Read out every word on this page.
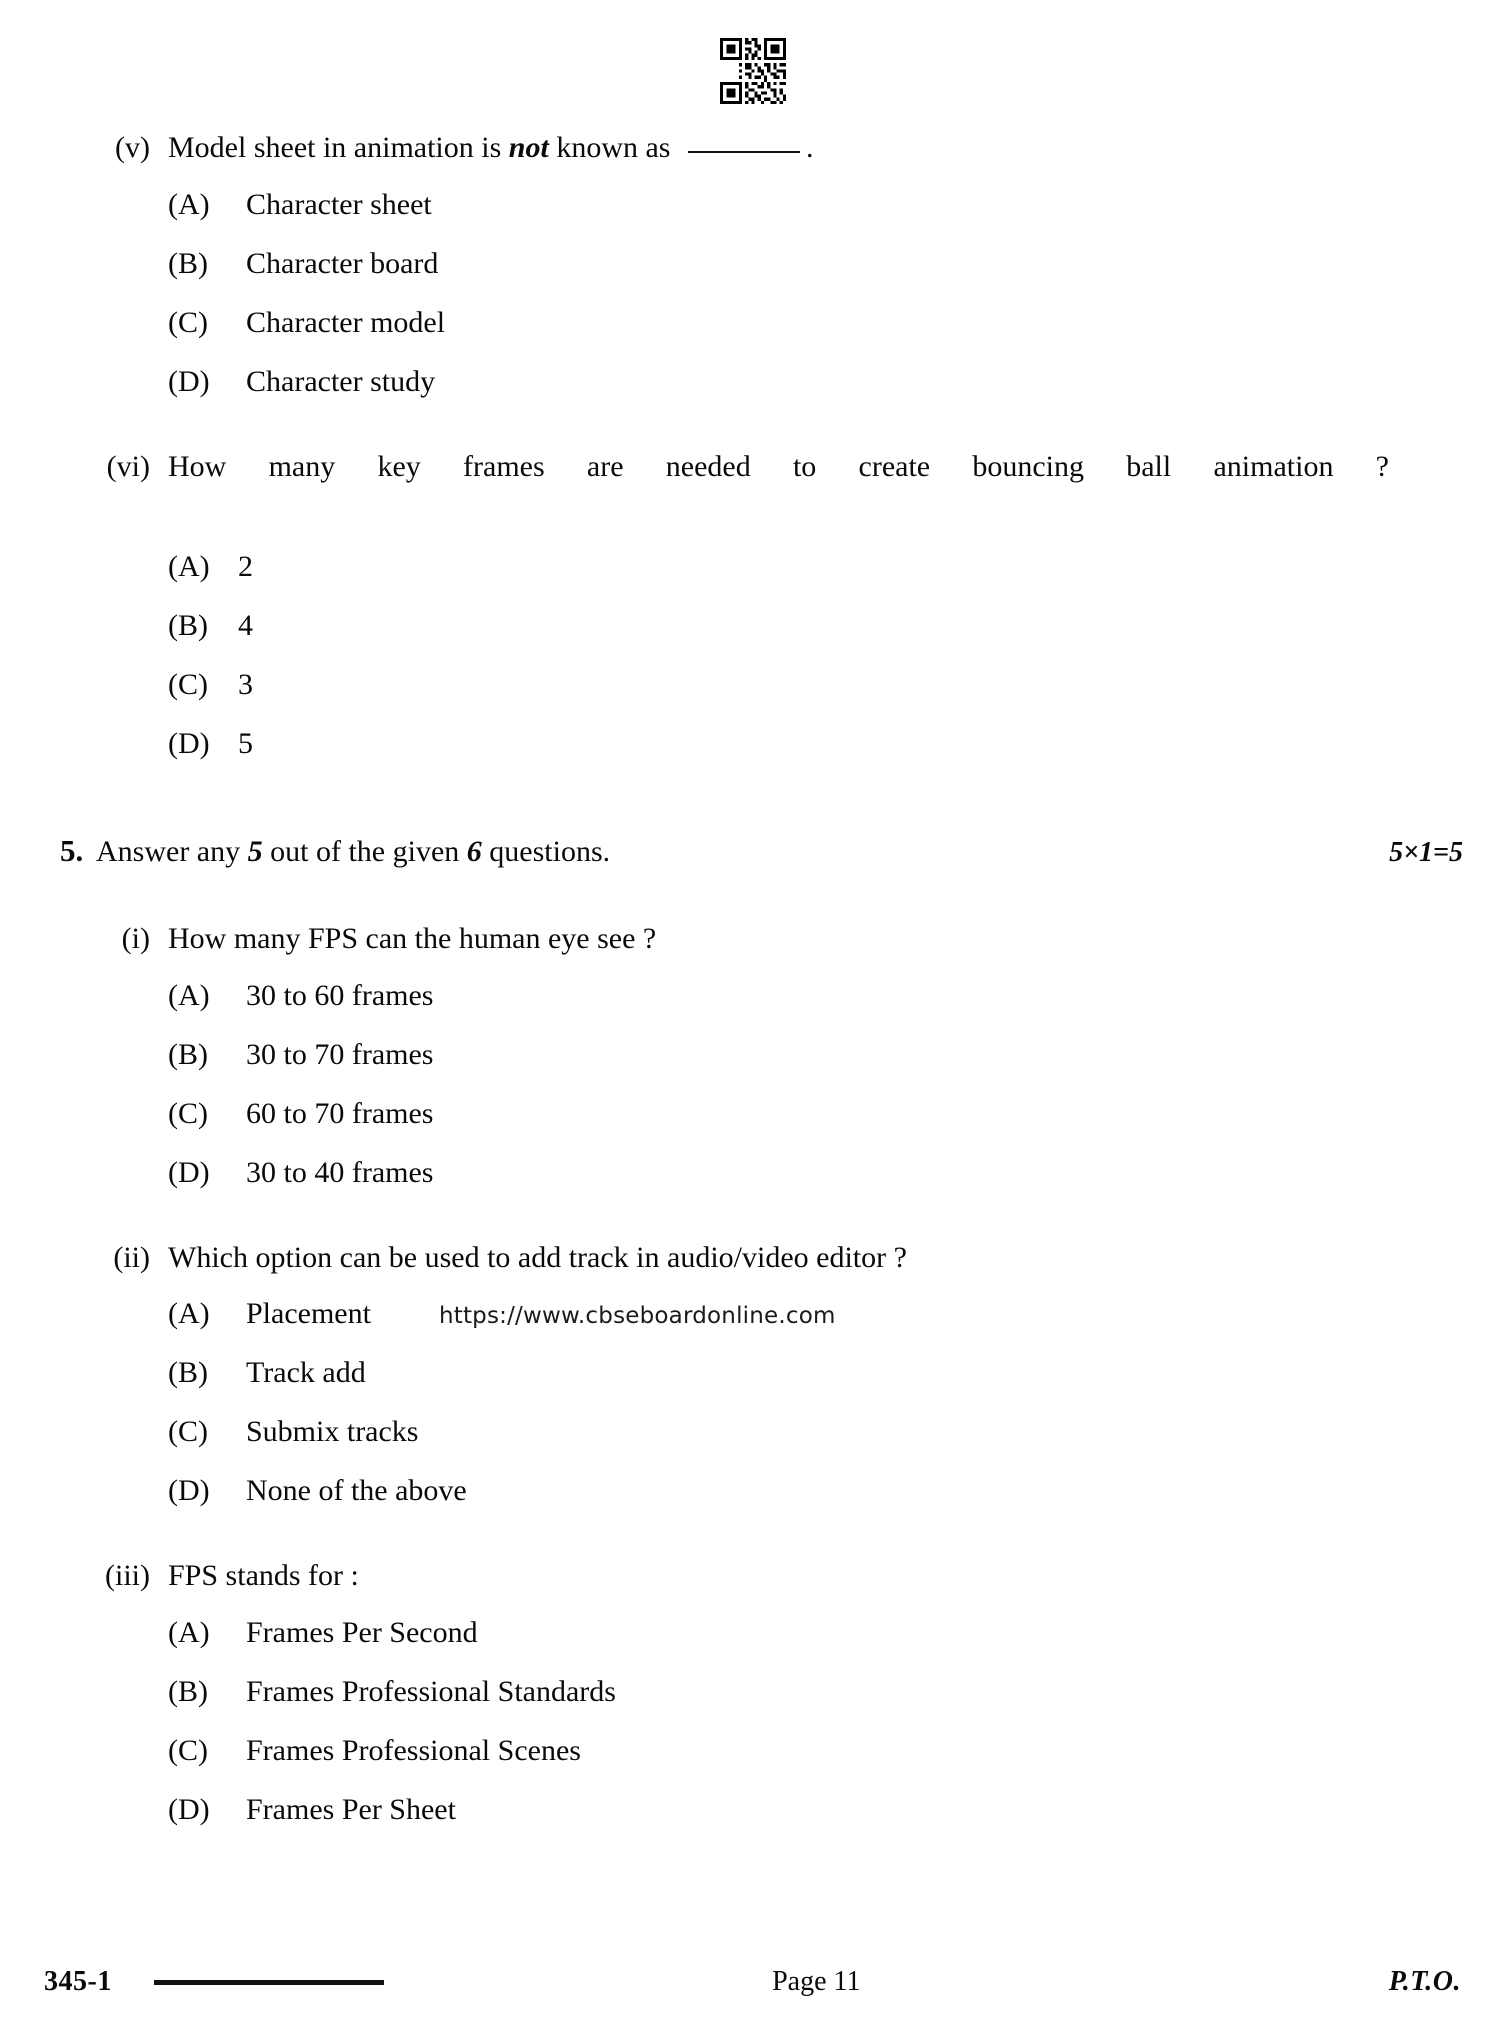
(v) Model sheet in animation is not known as	.
(A)	Character sheet
(B)	Character board
(C)	Character model
(D)	Character study
(vi) How many key frames are needed to create bouncing ball animation ?
(A) 2
(B)	4
(C)	3
(D) 5
5. Answer any 5 out of the given 6 questions.	5×1=5
(i) How many FPS can the human eye see ?
(A)	30 to 60 frames
(B)	30 to 70 frames
(C)	60 to 70 frames
(D)	30 to 40 frames
(ii) Which option can be used to add track in audio/video editor ?
(A)	Placement	https://www.cbseboardonline.com
(B)	Track add
(C)	Submix tracks
(D)	None of the above
(iii) FPS stands for :
(A)	Frames Per Second
(B)	Frames Professional Standards
(C)	Frames Professional Scenes
(D)	Frames Per Sheet
345-1	Page 11	P.T.O.
